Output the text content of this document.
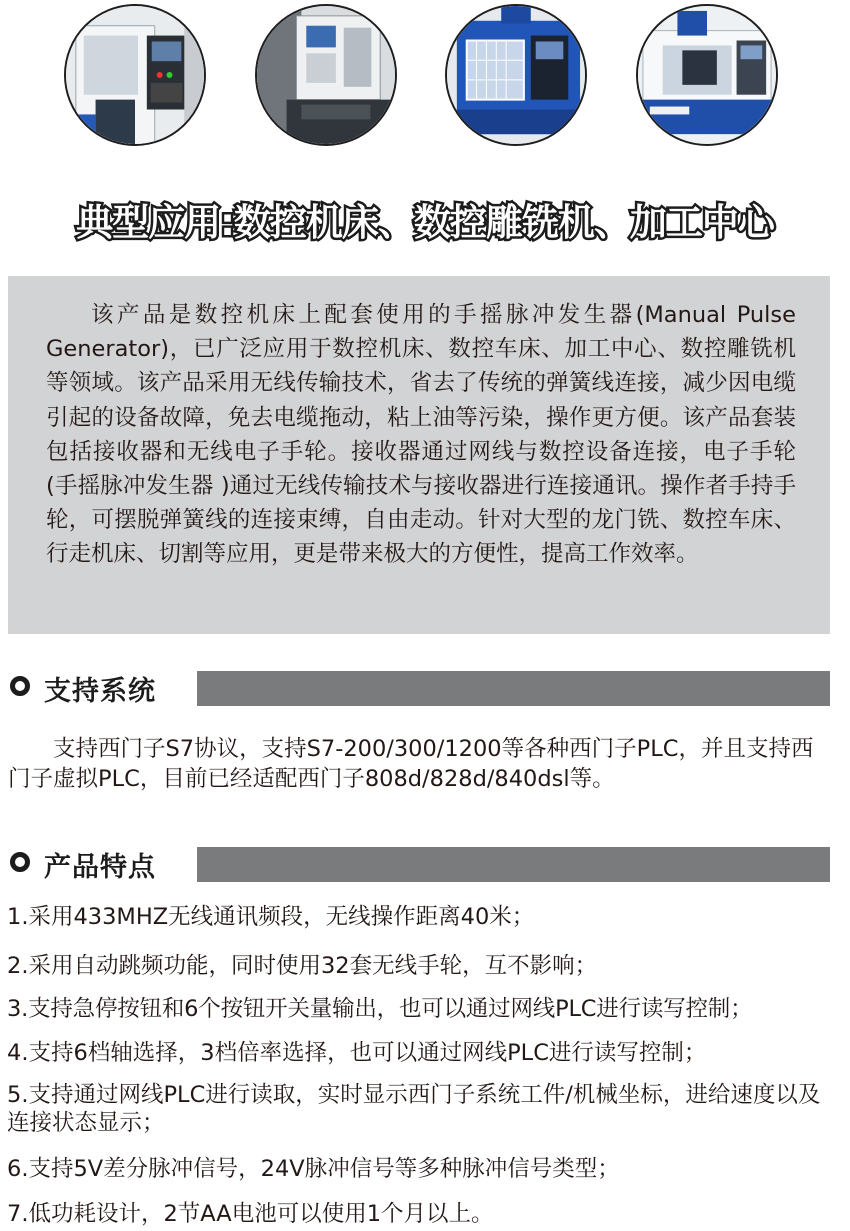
典型应用:数控机床、数控雕铣机、加工中心

该产品是数控机床上配套使用的手摇脉冲发生器(Manual Pulse Generator)，已广泛应用于数控机床、数控车床、加工中心、数控雕铣机等领域。该产品采用无线传输技术，省去了传统的弹簧线连接，减少因电缆引起的设备故障，免去电缆拖动，粘上油等污染，操作更方便。该产品套装包括接收器和无线电子手轮。接收器通过网线与数控设备连接，电子手轮(手摇脉冲发生器 )通过无线传输技术与接收器进行连接通讯。操作者手持手轮，可摆脱弹簧线的连接束缚，自由走动。针对大型的龙门铣、数控车床、行走机床、切割等应用，更是带来极大的方便性，提高工作效率。

支持系统

支持西门子S7协议，支持S7-200/300/1200等各种西门子PLC，并且支持西门子虚拟PLC，目前已经适配西门子808d/828d/840dsl等。

产品特点
1.采用433MHZ无线通讯频段，无线操作距离40米；
2.采用自动跳频功能，同时使用32套无线手轮，互不影响；
3.支持急停按钮和6个按钮开关量输出，也可以通过网线PLC进行读写控制；
4.支持6档轴选择，3档倍率选择，也可以通过网线PLC进行读写控制；
5.支持通过网线PLC进行读取，实时显示西门子系统工件/机械坐标，进给速度以及连接状态显示；
6.支持5V差分脉冲信号，24V脉冲信号等多种脉冲信号类型；
7.低功耗设计，2节AA电池可以使用1个月以上。
